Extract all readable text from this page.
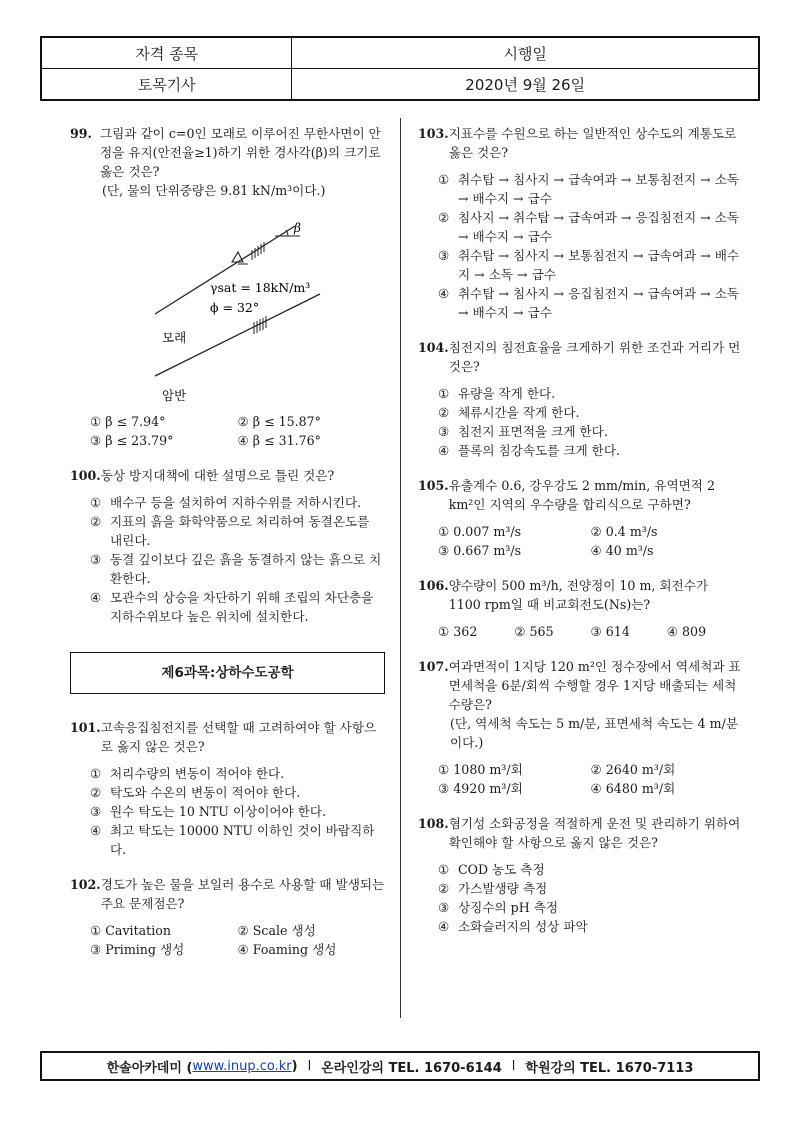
자격 종목	시행일
토목기사	2020년 9월 26일
99. 그림과 같이 c=0인 모래로 이루어진 무한사면이 안정을 유지(안전율≥1)하기 위한 경사각(β)의 크기로 옳은 것은?
(단, 물의 단위중량은 9.81 kN/m³이다.)
β
γsat = 18kN/m³
ϕ = 32°
모래
암반
① β ≤ 7.94°	② β ≤ 15.87°
③ β ≤ 23.79°	④ β ≤ 31.76°
100. 동상 방지대책에 대한 설명으로 틀린 것은?
① 배수구 등을 설치하여 지하수위를 저하시킨다.
② 지표의 흙을 화학약품으로 처리하여 동결온도를 내린다.
③ 동결 깊이보다 깊은 흙을 동결하지 않는 흙으로 치환한다.
④ 모관수의 상승을 차단하기 위해 조립의 차단층을 지하수위보다 높은 위치에 설치한다.
제6과목:상하수도공학
101. 고속응집침전지를 선택할 때 고려하여야 할 사항으로 옳지 않은 것은?
① 처리수량의 변동이 적어야 한다.
② 탁도와 수온의 변동이 적어야 한다.
③ 원수 탁도는 10 NTU 이상이어야 한다.
④ 최고 탁도는 10000 NTU 이하인 것이 바람직하다.
102. 경도가 높은 물을 보일러 용수로 사용할 때 발생되는 주요 문제점은?
① Cavitation	② Scale 생성
③ Priming 생성	④ Foaming 생성
103. 지표수를 수원으로 하는 일반적인 상수도의 계통도로 옳은 것은?
① 취수탑 → 침사지 → 급속여과 → 보통침전지 → 소독 → 배수지 → 급수
② 침사지 → 취수탑 → 급속여과 → 응집침전지 → 소독 → 배수지 → 급수
③ 취수탑 → 침사지 → 보통침전지 → 급속여과 → 배수지 → 소독 → 급수
④ 취수탑 → 침사지 → 응집침전지 → 급속여과 → 소독 → 배수지 → 급수
104. 침전지의 침전효율을 크게하기 위한 조건과 거리가 먼 것은?
① 유량을 작게 한다.
② 체류시간을 작게 한다.
③ 침전지 표면적을 크게 한다.
④ 플록의 침강속도를 크게 한다.
105. 유출계수 0.6, 강우강도 2 mm/min, 유역면적 2 km²인 지역의 우수량을 합리식으로 구하면?
① 0.007 m³/s	② 0.4 m³/s
③ 0.667 m³/s	④ 40 m³/s
106. 양수량이 500 m³/h, 전양정이 10 m, 회전수가 1100 rpm일 때 비교회전도(Ns)는?
① 362	② 565	③ 614	④ 809
107. 여과면적이 1지당 120 m²인 정수장에서 역세척과 표면세척을 6분/회씩 수행할 경우 1지당 배출되는 세척수량은?
(단, 역세척 속도는 5 m/분, 표면세척 속도는 4 m/분이다.)
① 1080 m³/회	② 2640 m³/회
③ 4920 m³/회	④ 6480 m³/회
108. 혐기성 소화공정을 적절하게 운전 및 관리하기 위하여 확인해야 할 사항으로 옳지 않은 것은?
① COD 농도 측정
② 가스발생량 측정
③ 상징수의 pH 측정
④ 소화슬러지의 성상 파악
한솔아카데미 ( www.inup.co.kr ) l 온라인강의 TEL. 1670-6144 l 학원강의 TEL. 1670-7113
